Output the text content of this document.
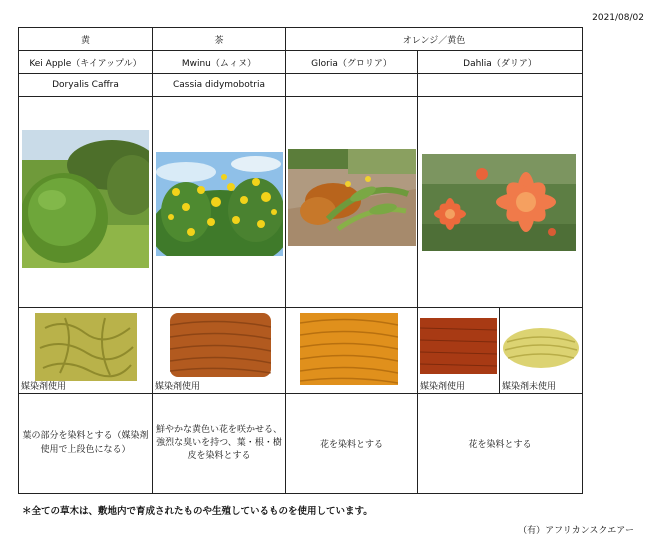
2021/08/02
黄	茶	オレンジ／黄色		
Kei Apple（キイアップル）	Mwinu（ムィヌ）	Gloria（グロリア）	Dahlia（ダリア）	
Doryalis Caffra	Cassia didymobotria			

媒染剤使用	媒染剤使用		媒染剤使用	媒染剤未使用

葉の部分を染料とする（媒染剤使用で上段色になる）	鮮やかな黄色い花を咲かせる、強烈な臭いを持つ、葉・根・樹皮を染料とする	花を染料とする	花を染料とする	
＊全ての草木は、敷地内で育成されたものや生殖しているものを使用しています。
（有）アフリカンスクエアー
